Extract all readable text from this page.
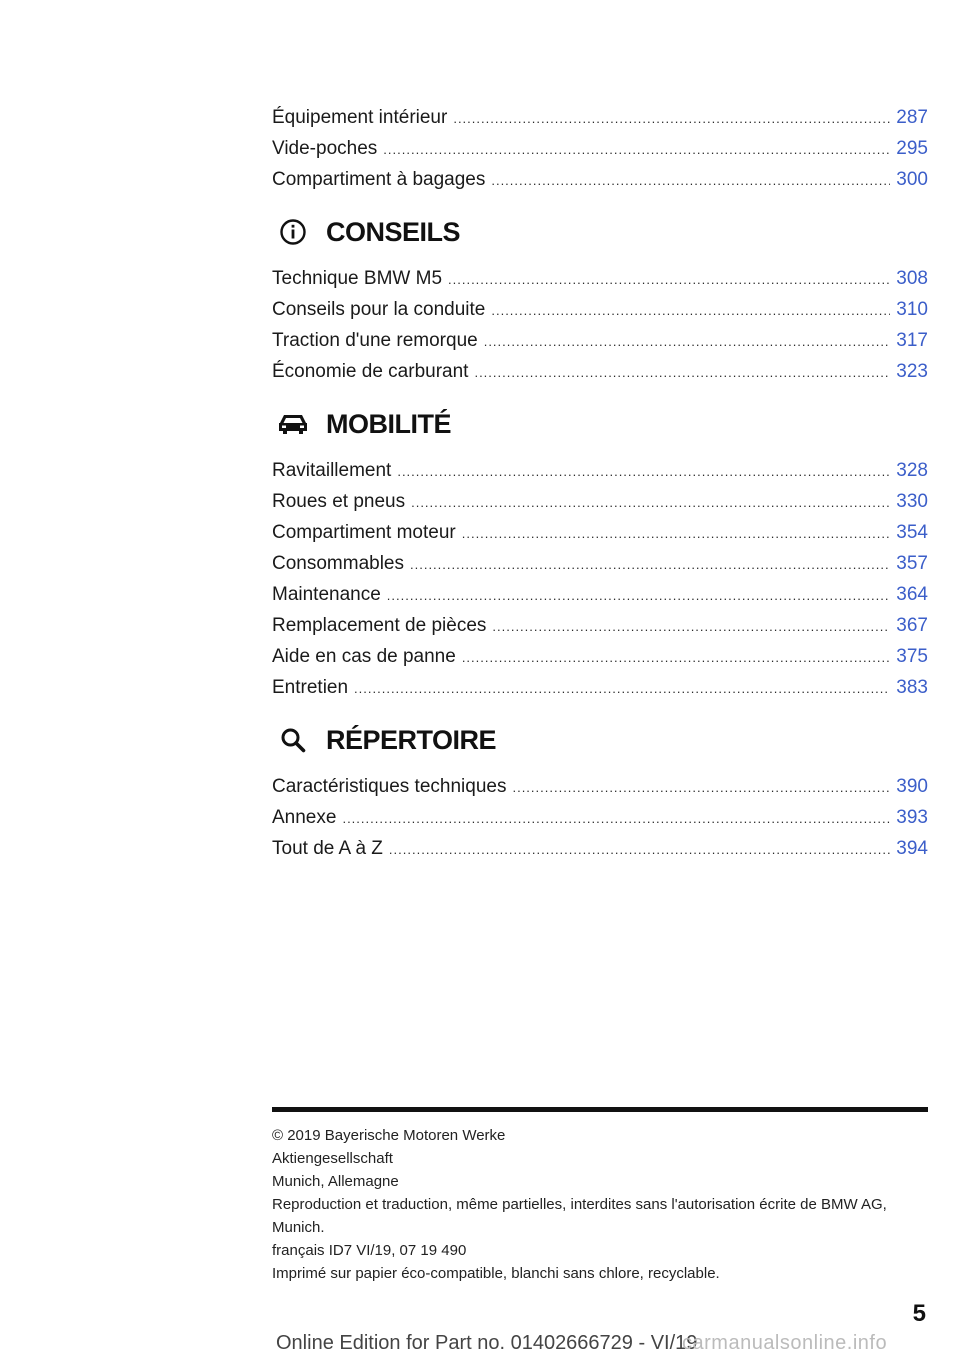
Équipement intérieur .....	287
Vide-poches .....	295
Compartiment à bagages .....	300
CONSEILS
Technique BMW M5 .....	308
Conseils pour la conduite .....	310
Traction d'une remorque .....	317
Économie de carburant .....	323
MOBILITÉ
Ravitaillement .....	328
Roues et pneus .....	330
Compartiment moteur .....	354
Consommables .....	357
Maintenance .....	364
Remplacement de pièces .....	367
Aide en cas de panne .....	375
Entretien .....	383
RÉPERTOIRE
Caractéristiques techniques .....	390
Annexe .....	393
Tout de A à Z .....	394
© 2019 Bayerische Motoren Werke
Aktiengesellschaft
Munich, Allemagne
Reproduction et traduction, même partielles, interdites sans l'autorisation écrite de BMW AG, Munich.
français ID7 VI/19, 07 19 490
Imprimé sur papier éco-compatible, blanchi sans chlore, recyclable.
5
Online Edition for Part no. 01402666729 - VI/19
carmanualsonline.info
